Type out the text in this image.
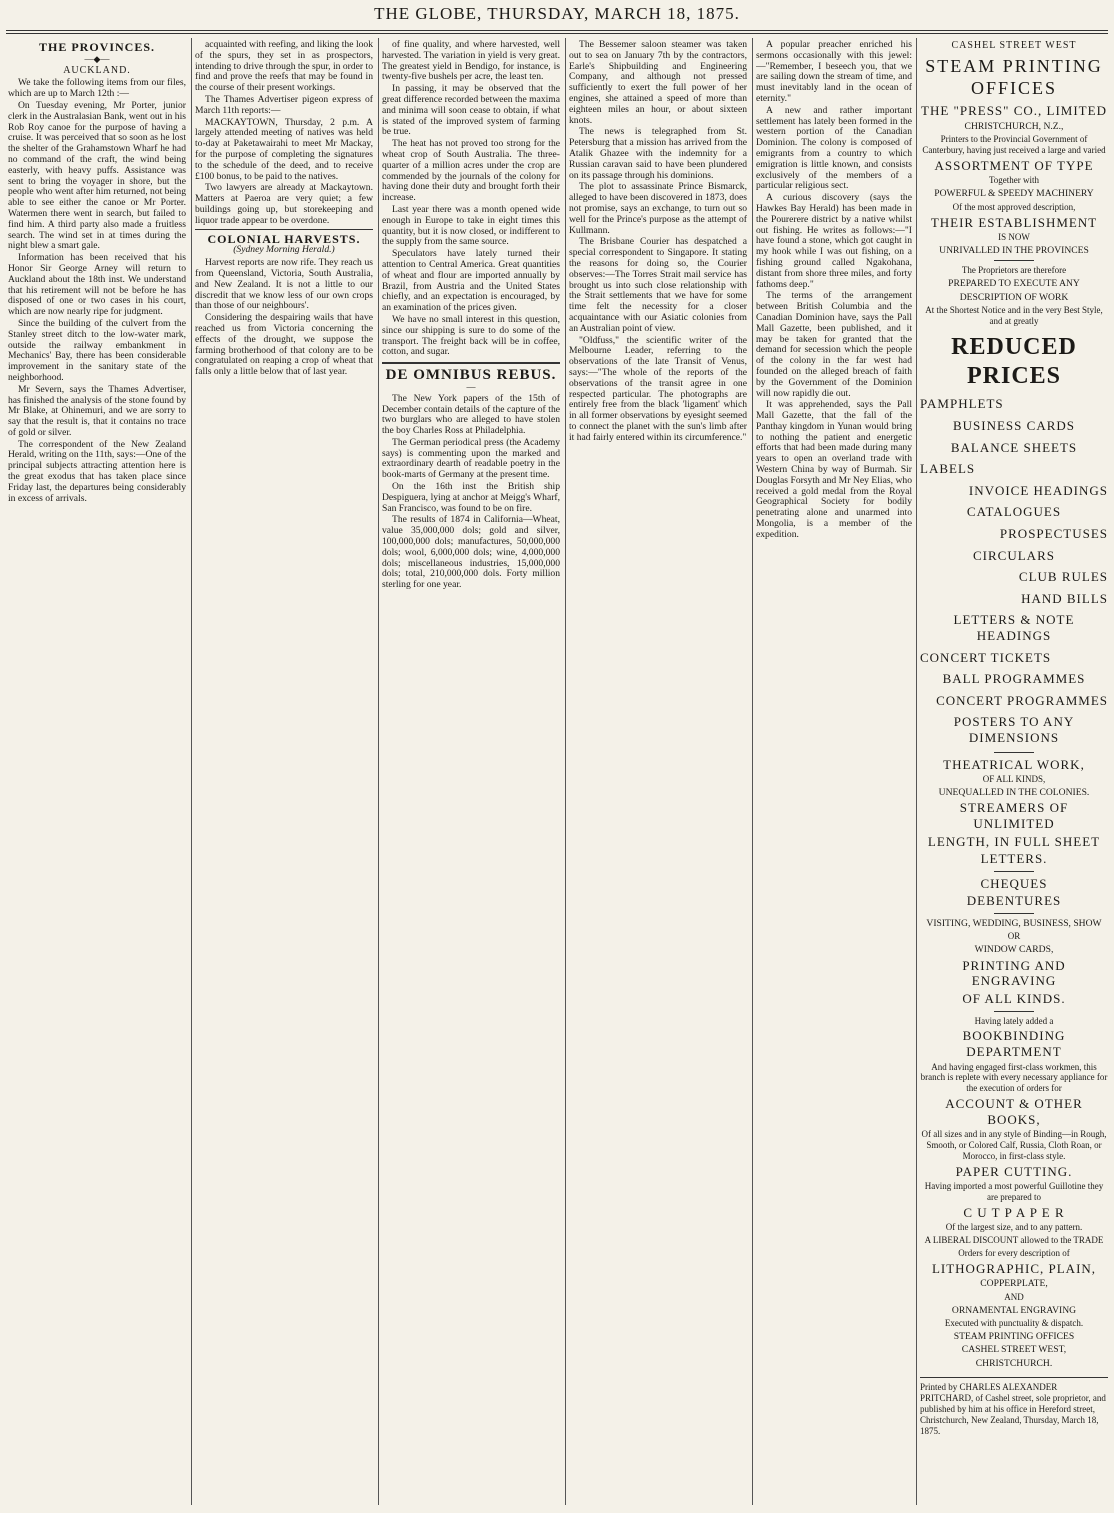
THE GLOBE, THURSDAY, MARCH 18, 1875.
THE PROVINCES.
—◆—
AUCKLAND.

We take the following items from our files, which are up to March 12th :—

On Tuesday evening, Mr Porter, junior clerk in the Australasian Bank, went out in his Rob Roy canoe for the purpose of having a cruise. It was perceived that so soon as he lost the shelter of the Grahamstown Wharf he had no command of the craft, the wind being easterly, with heavy puffs. Assistance was sent to bring the voyager in shore, but the people who went after him returned, not being able to see either the canoe or Mr Porter. Watermen there went in search, but failed to find him. A third party also made a fruitless search. The wind set in at times during the night blew a smart gale.

Information has been received that his Honor Sir George Arney will return to Auckland about the 18th inst. We understand that his retirement will not be before he has disposed of one or two cases in his court, which are now nearly ripe for judgment.

Since the building of the culvert from the Stanley street ditch to the low-water mark, outside the railway embankment in Mechanics' Bay, there has been considerable improvement in the sanitary state of the neighborhood.

Mr Severn, says the Thames Advertiser, has finished the analysis of the stone found by Mr Blake, at Ohinemuri, and we are sorry to say that the result is, that it contains no trace of gold or silver.

The correspondent of the New Zealand Herald, writing on the 11th, says:—One of the principal subjects attracting attention here is the great exodus that has taken place since Friday last, the departures being considerably in excess of arrivals.

acquainted with reefing, and liking the look of the spurs, they set in as prospectors, intending to drive through the spur, in order to find and prove the reefs that may be found in the course of their present workings.

The Thames Advertiser pigeon express of March 11th reports:—

MACKAYTOWN, Thursday, 2 p.m. A largely attended meeting of natives was held to-day at Paketawairahi to meet Mr Mackay, for the purpose of completing the signatures to the schedule of the deed, and to receive £100 bonus, to be paid to the natives.

Two lawyers are already at Mackaytown. Matters at Paeroa are very quiet; a few buildings going up, but storekeeping and liquor trade appear to be overdone.

COLONIAL HARVESTS.
(Sydney Morning Herald.)

Harvest reports are now rife. They reach us from Queensland, Victoria, South Australia, and New Zealand. It is not a little to our discredit that we know less of our own crops than those of our neighbours'.

Considering the despairing wails that have reached us from Victoria concerning the effects of the drought, we suppose the farming brotherhood of that colony are to be congratulated on reaping a crop of wheat that falls only a little below that of last year.

of fine quality, and where harvested, well harvested. The variation in yield is very great. The greatest yield in Bendigo, for instance, is twenty-five bushels per acre, the least ten.

In passing, it may be observed that the great difference recorded between the maxima and minima will soon cease to obtain, if what is stated of the improved system of farming be true.

The heat has not proved too strong for the wheat crop of South Australia. The three-quarter of a million acres under the crop are commended by the journals of the colony for having done their duty and brought forth their increase.

Last year there was a month opened wide enough in Europe to take in eight times this quantity, but it is now closed, or indifferent to the supply from the same source.

Speculators have lately turned their attention to Central America. Great quantities of wheat and flour are imported annually by Brazil, from Austria and the United States chiefly, and an expectation is encouraged, by an examination of the prices given.

We have no small interest in this question, since our shipping is sure to do some of the transport. The freight back will be in coffee, cotton, and sugar.

DE OMNIBUS REBUS.
—

The New York papers of the 15th of December contain details of the capture of the two burglars who are alleged to have stolen the boy Charles Ross at Philadelphia.

The German periodical press (the Academy says) is commenting upon the marked and extraordinary dearth of readable poetry in the book-marts of Germany at the present time.

On the 16th inst the British ship Despiguera, lying at anchor at Meigg's Wharf, San Francisco, was found to be on fire.

The results of 1874 in California—Wheat, value 35,000,000 dols; gold and silver, 100,000,000 dols; manufactures, 50,000,000 dols; wool, 6,000,000 dols; wine, 4,000,000 dols; miscellaneous industries, 15,000,000 dols; total, 210,000,000 dols. Forty million sterling for one year.

The Bessemer saloon steamer was taken out to sea on January 7th by the contractors, Earle's Shipbuilding and Engineering Company, and although not pressed sufficiently to exert the full power of her engines, she attained a speed of more than eighteen miles an hour, or about sixteen knots.

The news is telegraphed from St. Petersburg that a mission has arrived from the Atalik Ghazee with the indemnity for a Russian caravan said to have been plundered on its passage through his dominions.

The plot to assassinate Prince Bismarck, alleged to have been discovered in 1873, does not promise, says an exchange, to turn out so well for the Prince's purpose as the attempt of Kullmann.

The Brisbane Courier has despatched a special correspondent to Singapore. It stating the reasons for doing so, the Courier observes:—The Torres Strait mail service has brought us into such close relationship with the Strait settlements that we have for some time felt the necessity for a closer acquaintance with our Asiatic colonies from an Australian point of view.

"Oldfuss," the scientific writer of the Melbourne Leader, referring to the observations of the late Transit of Venus, says:—"The whole of the reports of the observations of the transit agree in one respected particular. The photographs are entirely free from the black 'ligament' which in all former observations by eyesight seemed to connect the planet with the sun's limb after it had fairly entered within its circumference."

A popular preacher enriched his sermons occasionally with this jewel:—"Remember, I beseech you, that we are sailing down the stream of time, and must inevitably land in the ocean of eternity."

A new and rather important settlement has lately been formed in the western portion of the Canadian Dominion. The colony is composed of emigrants from a country to which emigration is little known, and consists exclusively of the members of a particular religious sect.

A curious discovery (says the Hawkes Bay Herald) has been made in the Pourerere district by a native whilst out fishing. He writes as follows:—"I have found a stone, which got caught in my hook while I was out fishing, on a fishing ground called Ngakohana, distant from shore three miles, and forty fathoms deep."

The terms of the arrangement between British Columbia and the Canadian Dominion have, says the Pall Mall Gazette, been published, and it may be taken for granted that the demand for secession which the people of the colony in the far west had founded on the alleged breach of faith by the Government of the Dominion will now rapidly die out.

It was apprehended, says the Pall Mall Gazette, that the fall of the Panthay kingdom in Yunan would bring to nothing the patient and energetic efforts that had been made during many years to open an overland trade with Western China by way of Burmah. Sir Douglas Forsyth and Mr Ney Elias, who received a gold medal from the Royal Geographical Society for bodily penetrating alone and unarmed into Mongolia, is a member of the expedition.

CASHEL STREET WEST
STEAM PRINTING OFFICES
THE "PRESS" CO., LIMITED
CHRISTCHURCH, N.Z.,
Printers to the Provincial Government of Canterbury, having just received a large and varied
ASSORTMENT OF TYPE
Together with
POWERFUL & SPEEDY MACHINERY
Of the most approved description,
THEIR ESTABLISHMENT
IS NOW
UNRIVALLED IN THE PROVINCES
The Proprietors are therefore
PREPARED TO EXECUTE ANY
DESCRIPTION OF WORK
At the Shortest Notice and in the very Best Style, and at greatly
REDUCED PRICES
PAMPHLETS
BUSINESS CARDS
BALANCE SHEETS
LABELS
INVOICE HEADINGS
CATALOGUES
PROSPECTUSES
CIRCULARS
CLUB RULES
HAND BILLS
LETTERS & NOTE HEADINGS
CONCERT TICKETS
BALL PROGRAMMES
CONCERT PROGRAMMES
POSTERS TO ANY DIMENSIONS
THEATRICAL WORK,
OF ALL KINDS,
UNEQUALLED IN THE COLONIES.
STREAMERS OF UNLIMITED
LENGTH, IN FULL SHEET
LETTERS.
CHEQUES
DEBENTURES
VISITING, WEDDING, BUSINESS, SHOW
OR
WINDOW CARDS,
PRINTING AND ENGRAVING
OF ALL KINDS.
Having lately added a
BOOKBINDING DEPARTMENT
And having engaged first-class workmen, this branch is replete with every necessary appliance for the execution of orders for
ACCOUNT & OTHER BOOKS,
Of all sizes and in any style of Binding—in Rough, Smooth, or Colored Calf, Russia, Cloth Roan, or Morocco, in first-class style.
PAPER CUTTING.
Having imported a most powerful Guillotine they are prepared to
C U T P A P E R
Of the largest size, and to any pattern.
A LIBERAL DISCOUNT allowed to the TRADE
Orders for every description of
LITHOGRAPHIC, PLAIN,
COPPERPLATE,
AND
ORNAMENTAL ENGRAVING
Executed with punctuality & dispatch.
STEAM PRINTING OFFICES
CASHEL STREET WEST,
CHRISTCHURCH.
Printed by CHARLES ALEXANDER PRITCHARD, of Cashel street, sole proprietor, and published by him at his office in Hereford street, Christchurch, New Zealand, Thursday, March 18, 1875.
